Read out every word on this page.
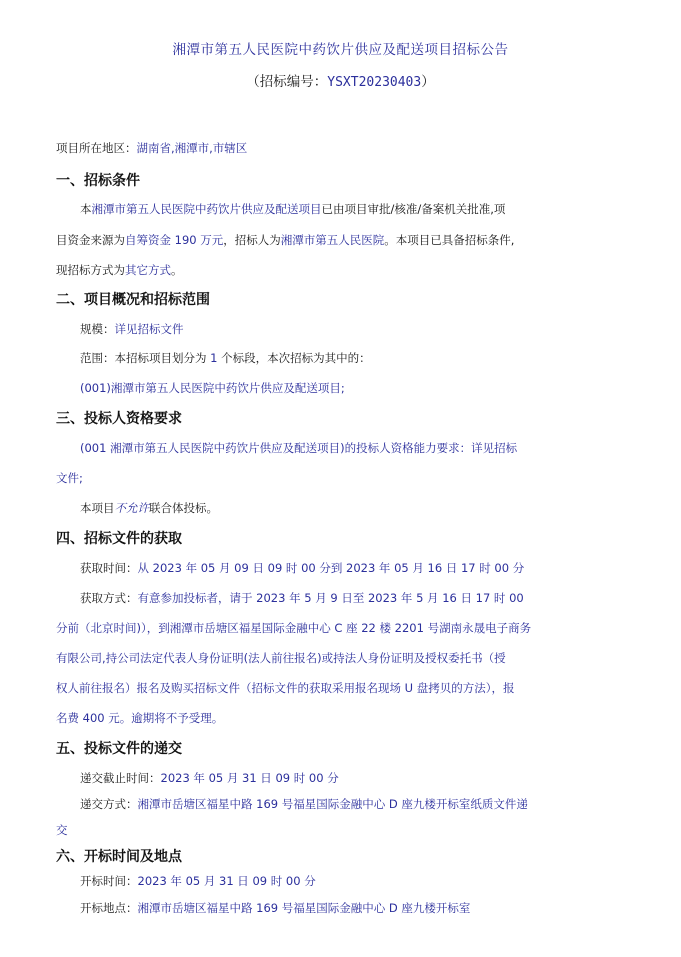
湘潭市第五人民医院中药饮片供应及配送项目招标公告
（招标编号：YSXT20230403）
项目所在地区：湖南省,湘潭市,市辖区
一、招标条件
本湘潭市第五人民医院中药饮片供应及配送项目已由项目审批/核准/备案机关批准,项
目资金来源为自筹资金 190 万元，招标人为湘潭市第五人民医院。本项目已具备招标条件,
现招标方式为其它方式。
二、项目概况和招标范围
规模：详见招标文件
范围：本招标项目划分为 1 个标段，本次招标为其中的：
(001)湘潭市第五人民医院中药饮片供应及配送项目;
三、投标人资格要求
(001 湘潭市第五人民医院中药饮片供应及配送项目)的投标人资格能力要求：详见招标
文件;
本项目不允许联合体投标。
四、招标文件的获取
获取时间：从 2023 年 05 月 09 日 09 时 00 分到 2023 年 05 月 16 日 17 时 00 分
获取方式：有意参加投标者，请于 2023 年 5 月 9 日至 2023 年 5 月 16 日 17 时 00
分前（北京时间)），到湘潭市岳塘区福星国际金融中心 C 座 22 楼 2201 号湖南永晟电子商务
有限公司,持公司法定代表人身份证明(法人前往报名)或持法人身份证明及授权委托书（授
权人前往报名）报名及购买招标文件（招标文件的获取采用报名现场 U 盘拷贝的方法），报
名费 400 元。逾期将不予受理。
五、投标文件的递交
递交截止时间：2023 年 05 月 31 日 09 时 00 分
递交方式：湘潭市岳塘区福星中路 169 号福星国际金融中心 D 座九楼开标室纸质文件递
交
六、开标时间及地点
开标时间：2023 年 05 月 31 日 09 时 00 分
开标地点：湘潭市岳塘区福星中路 169 号福星国际金融中心 D 座九楼开标室
